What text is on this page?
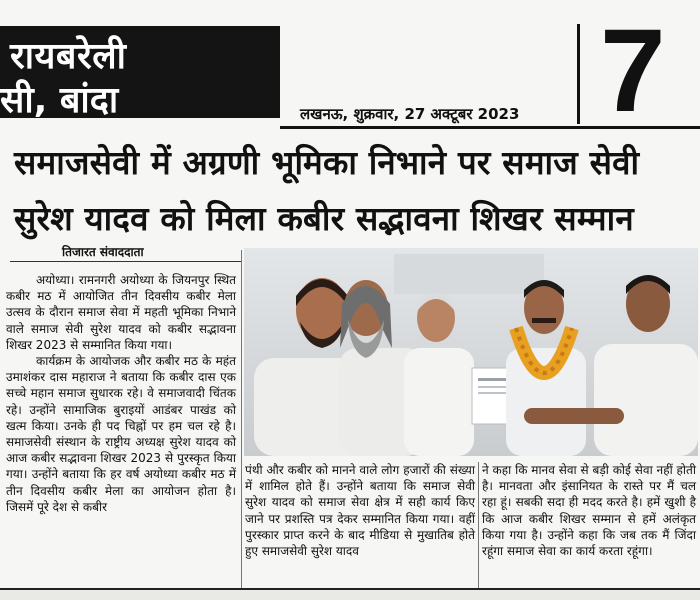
रायबरेली
सी, बांदा	लखनऊ, शुक्रवार, 27 अक्टूबर 2023 7
समाजसेवी में अग्रणी भूमिका निभाने पर समाज सेवी
सुरेश यादव को मिला कबीर सद्भावना शिखर सम्मान
तिजारत संवाददाता

अयोध्या। रामनगरी अयोध्या के जियनपुर स्थित कबीर मठ में आयोजित तीन दिवसीय कबीर मेला उत्सव के दौरान समाज सेवा में महती भूमिका निभाने वाले समाज सेवी सुरेश यादव को कबीर सद्भावना शिखर 2023 से सम्मानित किया गया।

कार्यक्रम के आयोजक और कबीर मठ के महंत उमाशंकर दास महाराज ने बताया कि कबीर दास एक सच्चे महान समाज सुधारक रहे। वे समाजवादी चिंतक रहे। उन्होंने सामाजिक बुराइयों आडंबर पाखंड को खत्म किया। उनके ही पद चिह्नों पर हम चल रहे है। समाजसेवी संस्थान के राष्ट्रीय अध्यक्ष सुरेश यादव को आज कबीर सद्भावना शिखर 2023 से पुरस्कृत किया गया। उन्होंने बताया कि हर वर्ष अयोध्या कबीर मठ में तीन दिवसीय कबीर मेला का आयोजन होता है। जिसमें पूरे देश से कबीर

पंथी और कबीर को मानने वाले लोग हजारों की संख्या में शामिल होते हैं। उन्होंने बताया कि समाज सेवी सुरेश यादव को समाज सेवा क्षेत्र में सही कार्य किए जाने पर प्रशस्ति पत्र देकर सम्मानित किया गया। वहीं पुरस्कार प्राप्त करने के बाद मीडिया से मुखातिब होते हुए समाजसेवी सुरेश यादव

ने कहा कि मानव सेवा से बड़ी कोई सेवा नहीं होती है। मानवता और इंसानियत के रास्ते पर मैं चल रहा हूं। सबकी सदा ही मदद करते है। हमें खुशी है कि आज कबीर शिखर सम्मान से हमें अलंकृत किया गया है। उन्होंने कहा कि जब तक मैं जिंदा रहूंगा समाज सेवा का कार्य करता रहूंगा।
